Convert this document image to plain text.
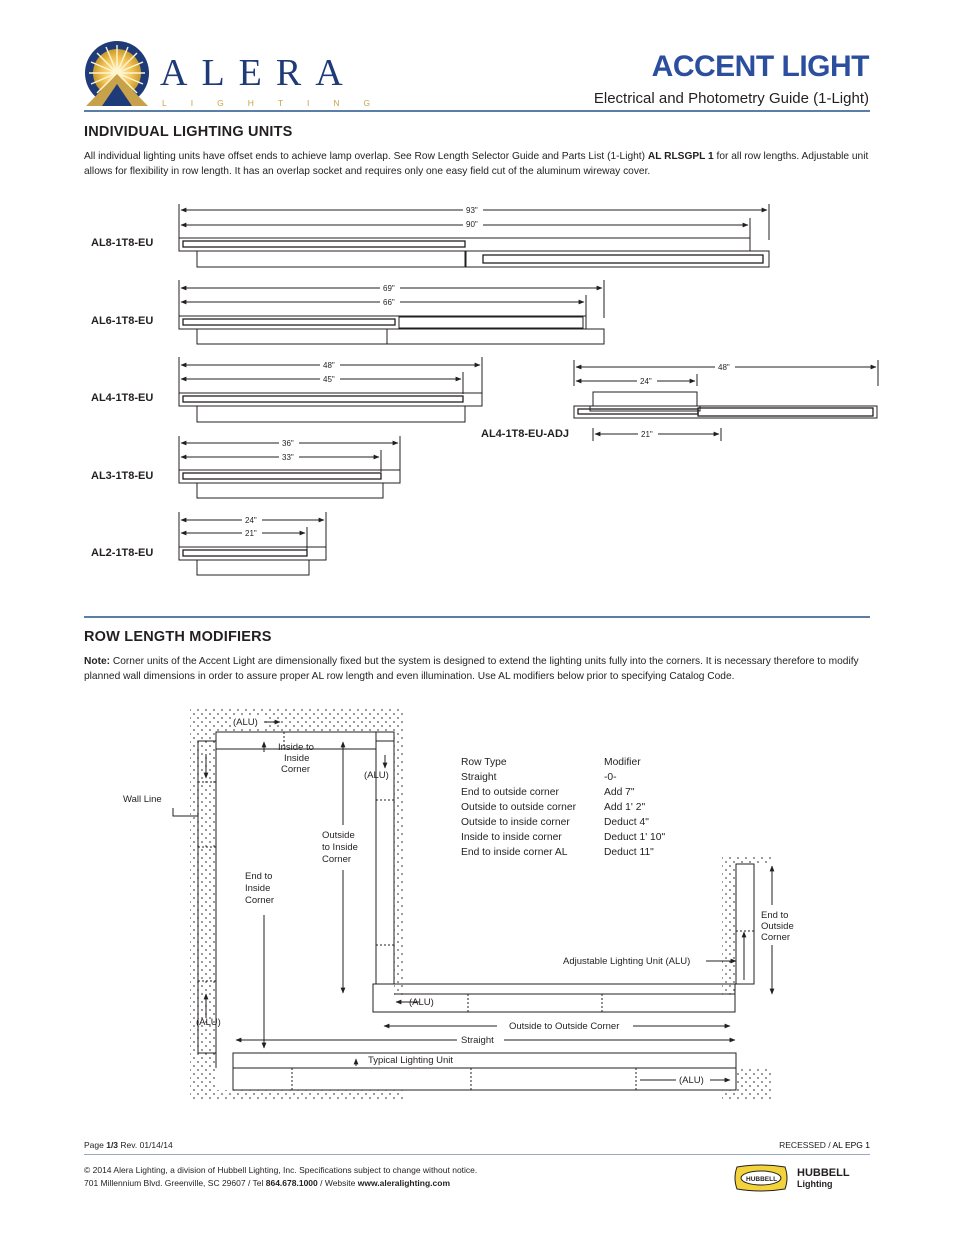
ALERA
LIGHTING
ACCENT LIGHT
Electrical and Photometry Guide (1-Light)
INDIVIDUAL LIGHTING UNITS
All individual lighting units have offset ends to achieve lamp overlap. See Row Length Selector Guide and Parts List (1-Light) AL RLSGPL 1 for all row lengths. Adjustable unit allows for flexibility in row length. It has an overlap socket and requires only one easy field cut of the aluminum wireway cover.
AL8-1T8-EU
AL6-1T8-EU
AL4-1T8-EU
AL3-1T8-EU
AL2-1T8-EU
AL4-1T8-EU-ADJ
93"
90"
69"
66"
48"
45"
36"
33"
24"
21"
48"
24"
21"
ROW LENGTH MODIFIERS
Note: Corner units of the Accent Light are dimensionally fixed but the system is designed to extend the lighting units fully into the corners. It is necessary therefore to modify planned wall dimensions in order to assure proper AL row length and even illumination. Use AL modifiers below prior to specifying Catalog Code.
Row Type	Modifier
Straight	-0-
End to outside corner	Add 7"
Outside to outside corner	Add 1' 2"
Outside to inside corner	Deduct 4"
Inside to inside corner	Deduct 1' 10"
End to inside corner AL	Deduct 11"
(ALU)
(ALU)
(ALU)
(ALU)
(ALU)
Wall Line
Inside to
Inside
Corner
Outside
to Inside
Corner
End to
Inside
Corner
End to
Outside
Corner
Adjustable Lighting Unit (ALU)
Outside to Outside Corner
Straight
Typical Lighting Unit
Page 1/3 Rev. 01/14/14	RECESSED / AL EPG 1
© 2014 Alera Lighting, a division of Hubbell Lighting, Inc. Specifications subject to change without notice.
701 Millennium Blvd. Greenville, SC 29607 / Tel 864.678.1000 / Website www.aleralighting.com	HUBBELL
HUBBELL
Lighting
